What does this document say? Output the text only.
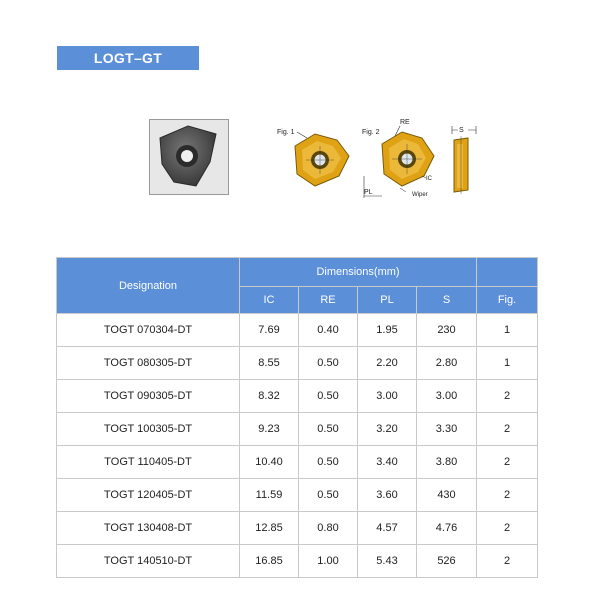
LOGT–GT
Fig. 1	Fig. 2
RE
IC
PL	Wiper
S
Designation	Dimensions(mm)				
	IC	RE	PL	S	Fig.
TOGT 070304-DT	7.69	0.40	1.95	230	1
TOGT 080305-DT	8.55	0.50	2.20	2.80	1
TOGT 090305-DT	8.32	0.50	3.00	3.00	2
TOGT 100305-DT	9.23	0.50	3.20	3.30	2
TOGT 110405-DT	10.40	0.50	3.40	3.80	2
TOGT 120405-DT	11.59	0.50	3.60	430	2
TOGT 130408-DT	12.85	0.80	4.57	4.76	2
TOGT 140510-DT	16.85	1.00	5.43	526	2
